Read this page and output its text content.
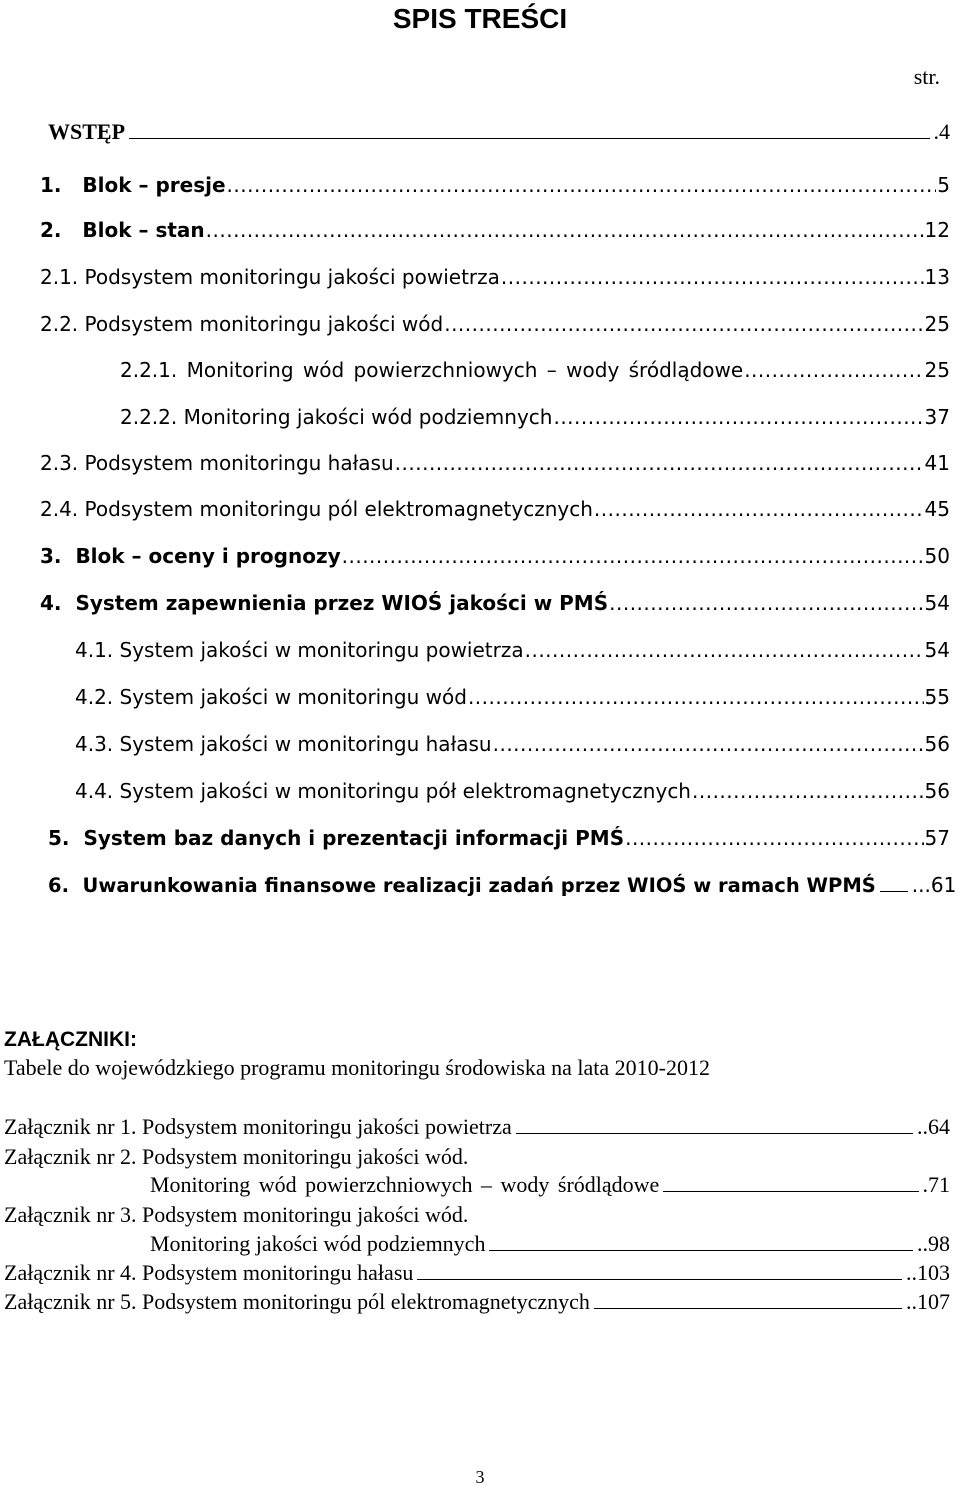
SPIS TREŚCI
str.
WSTĘP	.4
1.   Blok – presje .....	5
2.   Blok – stan .....	12
2.1. Podsystem monitoringu jakości powietrza .....	13
2.2. Podsystem monitoringu jakości wód .....	25
2.2.1. Monitoring wód powierzchniowych – wody śródlądowe .....	25
2.2.2. Monitoring jakości wód podziemnych .....	37
2.3. Podsystem monitoringu hałasu .....	41
2.4. Podsystem monitoringu pól elektromagnetycznych .....	45
3.  Blok – oceny i prognozy .....	50
4.  System zapewnienia przez WIOŚ jakości w PMŚ .....	54
4.1. System jakości w monitoringu powietrza .....	54
4.2. System jakości w monitoringu wód .....	55
4.3. System jakości w monitoringu hałasu .....	56
4.4. System jakości w monitoringu pół elektromagnetycznych .....	56
5.  System baz danych i prezentacji informacji PMŚ .....	57
6.  Uwarunkowania finansowe realizacji zadań przez WIOŚ w ramach WPMŚ ...61
ZAŁĄCZNIKI:
Tabele do wojewódzkiego programu monitoringu środowiska na lata 2010-2012
Załącznik nr 1. Podsystem monitoringu jakości powietrza	..64
Załącznik nr 2. Podsystem monitoringu jakości wód.
Monitoring wód powierzchniowych – wody śródlądowe	.71
Załącznik nr 3. Podsystem monitoringu jakości wód.
Monitoring jakości wód podziemnych	..98
Załącznik nr 4. Podsystem monitoringu hałasu	..103
Załącznik nr 5. Podsystem monitoringu pól elektromagnetycznych	..107
3
